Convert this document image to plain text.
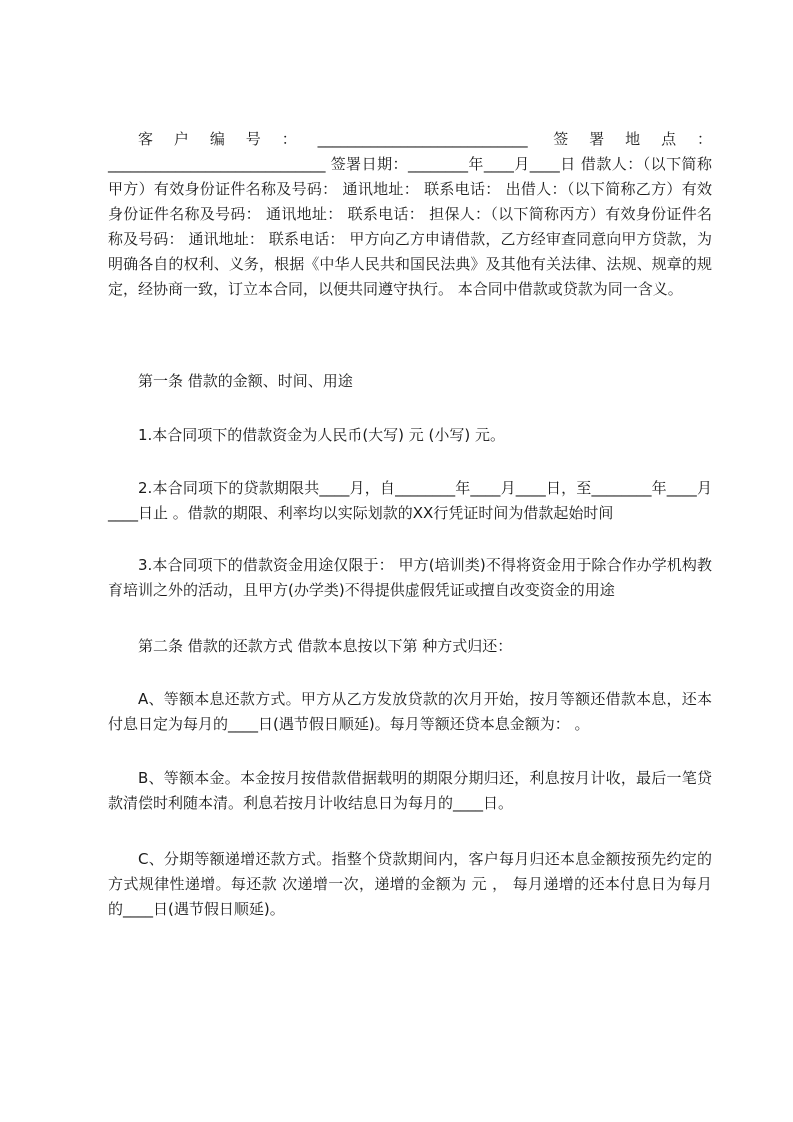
客户编号：____________________________ 签署地点：_____________________________ 签署日期：________年____月____日 借款人：（以下简称甲方）有效身份证件名称及号码： 通讯地址： 联系电话： 出借人：（以下简称乙方）有效身份证件名称及号码： 通讯地址： 联系电话： 担保人：（以下简称丙方）有效身份证件名称及号码： 通讯地址： 联系电话： 甲方向乙方申请借款，乙方经审查同意向甲方贷款，为明确各自的权利、义务，根据《中华人民共和国民法典》及其他有关法律、法规、规章的规定，经协商一致，订立本合同，以便共同遵守执行。 本合同中借款或贷款为同一含义。

第一条 借款的金额、时间、用途

1.本合同项下的借款资金为人民币(大写) 元 (小写) 元。

2.本合同项下的贷款期限共____月，自________年____月____日，至________年____月____日止 。借款的期限、利率均以实际划款的XX行凭证时间为借款起始时间

3.本合同项下的借款资金用途仅限于： 甲方(培训类)不得将资金用于除合作办学机构教育培训之外的活动，且甲方(办学类)不得提供虚假凭证或擅自改变资金的用途

第二条 借款的还款方式 借款本息按以下第 种方式归还：

A、等额本息还款方式。甲方从乙方发放贷款的次月开始，按月等额还借款本息，还本付息日定为每月的____日(遇节假日顺延)。每月等额还贷本息金额为： 。

B、等额本金。本金按月按借款借据载明的期限分期归还，利息按月计收，最后一笔贷款清偿时利随本清。利息若按月计收结息日为每月的____日。

C、分期等额递增还款方式。指整个贷款期间内，客户每月归还本息金额按预先约定的方式规律性递增。每还款 次递增一次，递增的金额为 元 ， 每月递增的还本付息日为每月的____日(遇节假日顺延)。
